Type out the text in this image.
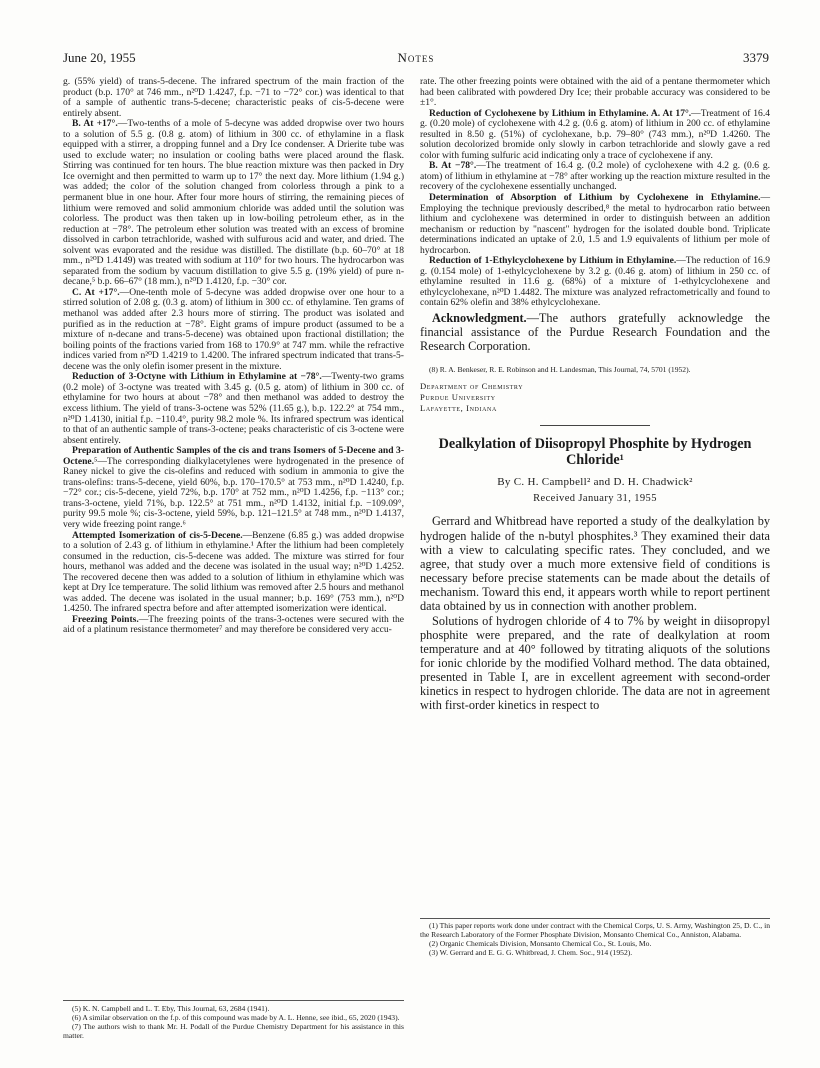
June 20, 1955	Notes	3379

g. (55% yield) of trans-5-decene. The infrared spectrum of the main fraction of the product (b.p. 170° at 746 mm., n²⁰D 1.4247, f.p. −71 to −72° cor.) was identical to that of a sample of authentic trans-5-decene; characteristic peaks of cis-5-decene were entirely absent.

B. At +17°.—Two-tenths of a mole of 5-decyne was added dropwise over two hours to a solution of 5.5 g. (0.8 g. atom) of lithium in 300 cc. of ethylamine in a flask equipped with a stirrer, a dropping funnel and a Dry Ice condenser. A Drierite tube was used to exclude water; no insulation or cooling baths were placed around the flask. Stirring was continued for ten hours. The blue reaction mixture was then packed in Dry Ice overnight and then permitted to warm up to 17° the next day. More lithium (1.94 g.) was added; the color of the solution changed from colorless through a pink to a permanent blue in one hour. After four more hours of stirring, the remaining pieces of lithium were removed and solid ammonium chloride was added until the solution was colorless. The product was then taken up in low-boiling petroleum ether, as in the reduction at −78°. The petroleum ether solution was treated with an excess of bromine dissolved in carbon tetrachloride, washed with sulfurous acid and water, and dried. The solvent was evaporated and the residue was distilled. The distillate (b.p. 60–70° at 18 mm., n²⁰D 1.4149) was treated with sodium at 110° for two hours. The hydrocarbon was separated from the sodium by vacuum distillation to give 5.5 g. (19% yield) of pure n-decane,⁵ b.p. 66–67° (18 mm.), n²⁰D 1.4120, f.p. −30° cor.

C. At +17°.—One-tenth mole of 5-decyne was added dropwise over one hour to a stirred solution of 2.08 g. (0.3 g. atom) of lithium in 300 cc. of ethylamine. Ten grams of methanol was added after 2.3 hours more of stirring. The product was isolated and purified as in the reduction at −78°. Eight grams of impure product (assumed to be a mixture of n-decane and trans-5-decene) was obtained upon fractional distillation; the boiling points of the fractions varied from 168 to 170.9° at 747 mm. while the refractive indices varied from n²⁰D 1.4219 to 1.4200. The infrared spectrum indicated that trans-5-decene was the only olefin isomer present in the mixture.

Reduction of 3-Octyne with Lithium in Ethylamine at −78°.—Twenty-two grams (0.2 mole) of 3-octyne was treated with 3.45 g. (0.5 g. atom) of lithium in 300 cc. of ethylamine for two hours at about −78° and then methanol was added to destroy the excess lithium. The yield of trans-3-octene was 52% (11.65 g.), b.p. 122.2° at 754 mm., n²⁰D 1.4130, initial f.p. −110.4°, purity 98.2 mole %. Its infrared spectrum was identical to that of an authentic sample of trans-3-octene; peaks characteristic of cis 3-octene were absent entirely.

Preparation of Authentic Samples of the cis and trans Isomers of 5-Decene and 3-Octene.⁵—The corresponding dialkylacetylenes were hydrogenated in the presence of Raney nickel to give the cis-olefins and reduced with sodium in ammonia to give the trans-olefins: trans-5-decene, yield 60%, b.p. 170–170.5° at 753 mm., n²⁰D 1.4240, f.p. −72° cor.; cis-5-decene, yield 72%, b.p. 170° at 752 mm., n²⁰D 1.4256, f.p. −113° cor.; trans-3-octene, yield 71%, b.p. 122.5° at 751 mm., n²⁰D 1.4132, initial f.p. −109.09°, purity 99.5 mole %; cis-3-octene, yield 59%, b.p. 121–121.5° at 748 mm., n²⁰D 1.4137, very wide freezing point range.⁶

Attempted Isomerization of cis-5-Decene.—Benzene (6.85 g.) was added dropwise to a solution of 2.43 g. of lithium in ethylamine.¹ After the lithium had been completely consumed in the reduction, cis-5-decene was added. The mixture was stirred for four hours, methanol was added and the decene was isolated in the usual way; n²⁰D 1.4252. The recovered decene then was added to a solution of lithium in ethylamine which was kept at Dry Ice temperature. The solid lithium was removed after 2.5 hours and methanol was added. The decene was isolated in the usual manner; b.p. 169° (753 mm.), n²⁰D 1.4250. The infrared spectra before and after attempted isomerization were identical.

Freezing Points.—The freezing points of the trans-3-octenes were secured with the aid of a platinum resistance thermometer⁷ and may therefore be considered very accu-

(5) K. N. Campbell and L. T. Eby, This Journal, 63, 2684 (1941).

(6) A similar observation on the f.p. of this compound was made by A. L. Henne, see ibid., 65, 2020 (1943).

(7) The authors wish to thank Mr. H. Podall of the Purdue Chemistry Department for his assistance in this matter.

rate. The other freezing points were obtained with the aid of a pentane thermometer which had been calibrated with powdered Dry Ice; their probable accuracy was considered to be ±1°.

Reduction of Cyclohexene by Lithium in Ethylamine. A. At 17°.—Treatment of 16.4 g. (0.20 mole) of cyclohexene with 4.2 g. (0.6 g. atom) of lithium in 200 cc. of ethylamine resulted in 8.50 g. (51%) of cyclohexane, b.p. 79–80° (743 mm.), n²⁰D 1.4260. The solution decolorized bromide only slowly in carbon tetrachloride and slowly gave a red color with fuming sulfuric acid indicating only a trace of cyclohexene if any.

B. At −78°.—The treatment of 16.4 g. (0.2 mole) of cyclohexene with 4.2 g. (0.6 g. atom) of lithium in ethylamine at −78° after working up the reaction mixture resulted in the recovery of the cyclohexene essentially unchanged.

Determination of Absorption of Lithium by Cyclohexene in Ethylamine.—Employing the technique previously described,⁸ the metal to hydrocarbon ratio between lithium and cyclohexene was determined in order to distinguish between an addition mechanism or reduction by "nascent" hydrogen for the isolated double bond. Triplicate determinations indicated an uptake of 2.0, 1.5 and 1.9 equivalents of lithium per mole of hydrocarbon.

Reduction of 1-Ethylcyclohexene by Lithium in Ethylamine.—The reduction of 16.9 g. (0.154 mole) of 1-ethylcyclohexene by 3.2 g. (0.46 g. atom) of lithium in 250 cc. of ethylamine resulted in 11.6 g. (68%) of a mixture of 1-ethylcyclohexene and ethylcyclohexane, n²⁰D 1.4482. The mixture was analyzed refractometrically and found to contain 62% olefin and 38% ethylcyclohexane.

Acknowledgment.—The authors gratefully acknowledge the financial assistance of the Purdue Research Foundation and the Research Corporation.

(8) R. A. Benkeser, R. E. Robinson and H. Landesman, This Journal, 74, 5701 (1952).

Department of Chemistry
Purdue University
Lafayette, Indiana
Dealkylation of Diisopropyl Phosphite by Hydrogen Chloride¹
By C. H. Campbell² and D. H. Chadwick²
Received January 31, 1955

Gerrard and Whitbread have reported a study of the dealkylation by hydrogen halide of the n-butyl phosphites.³ They examined their data with a view to calculating specific rates. They concluded, and we agree, that study over a much more extensive field of conditions is necessary before precise statements can be made about the details of mechanism. Toward this end, it appears worth while to report pertinent data obtained by us in connection with another problem.

Solutions of hydrogen chloride of 4 to 7% by weight in diisopropyl phosphite were prepared, and the rate of dealkylation at room temperature and at 40° followed by titrating aliquots of the solutions for ionic chloride by the modified Volhard method. The data obtained, presented in Table I, are in excellent agreement with second-order kinetics in respect to hydrogen chloride. The data are not in agreement with first-order kinetics in respect to

(1) This paper reports work done under contract with the Chemical Corps, U. S. Army, Washington 25, D. C., in the Research Laboratory of the Former Phosphate Division, Monsanto Chemical Co., Anniston, Alabama.

(2) Organic Chemicals Division, Monsanto Chemical Co., St. Louis, Mo.

(3) W. Gerrard and E. G. G. Whitbread, J. Chem. Soc., 914 (1952).
